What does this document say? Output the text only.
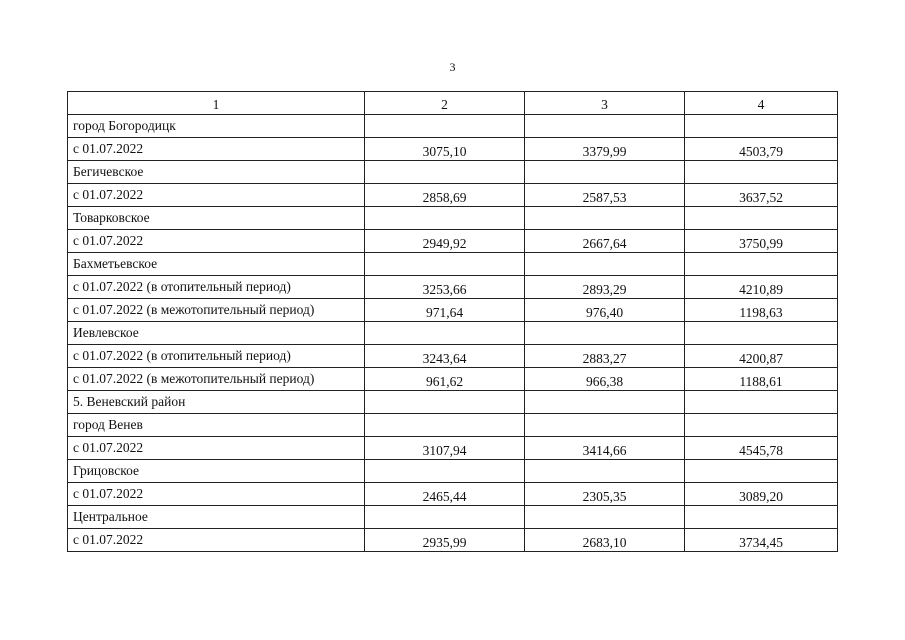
3
1	2	3	4
город Богородицк			
с 01.07.2022	3075,10	3379,99	4503,79
Бегичевское			
с 01.07.2022	2858,69	2587,53	3637,52
Товарковское			
с 01.07.2022	2949,92	2667,64	3750,99
Бахметьевское			
с 01.07.2022 (в отопительный период)	3253,66	2893,29	4210,89
с 01.07.2022 (в межотопительный период)	971,64	976,40	1198,63
Иевлевское			
с 01.07.2022 (в отопительный период)	3243,64	2883,27	4200,87
с 01.07.2022 (в межотопительный период)	961,62	966,38	1188,61
5. Веневский район			
город Венев			
с 01.07.2022	3107,94	3414,66	4545,78
Грицовское			
с 01.07.2022	2465,44	2305,35	3089,20
Центральное			
с 01.07.2022	2935,99	2683,10	3734,45
